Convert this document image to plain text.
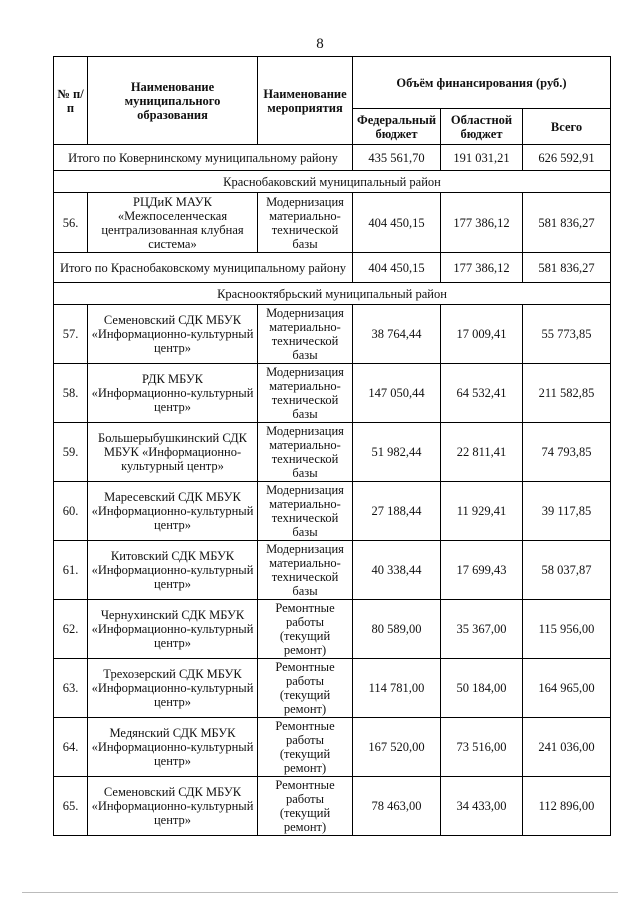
8
№ п/п	Наименование муниципального образования	Наименование мероприятия	Объём финансирования (руб.)		
			Федеральный бюджет	Областной бюджет	Всего
Итого по Ковернинскому муниципальному району			435 561,70	191 031,21	626 592,91
Краснобаковский муниципальный район					
56.	РЦДиК МАУК «Межпоселенческая централизованная клубная система»	Модернизация материально-технической базы	404 450,15	177 386,12	581 836,27
Итого по Краснобаковскому муниципальному району			404 450,15	177 386,12	581 836,27
Краснооктябрьский муниципальный район					
57.	Семеновский СДК МБУК «Информационно-культурный центр»	Модернизация материально-технической базы	38 764,44	17 009,41	55 773,85
58.	РДК МБУК «Информационно-культурный центр»	Модернизация материально-технической базы	147 050,44	64 532,41	211 582,85
59.	Большерыбушкинский СДК МБУК «Информационно-культурный центр»	Модернизация материально-технической базы	51 982,44	22 811,41	74 793,85
60.	Маресевский СДК МБУК «Информационно-культурный центр»	Модернизация материально-технической базы	27 188,44	11 929,41	39 117,85
61.	Китовский СДК МБУК «Информационно-культурный центр»	Модернизация материально-технической базы	40 338,44	17 699,43	58 037,87
62.	Чернухинский СДК МБУК «Информационно-культурный центр»	Ремонтные работы (текущий ремонт)	80 589,00	35 367,00	115 956,00
63.	Трехозерский СДК МБУК «Информационно-культурный центр»	Ремонтные работы (текущий ремонт)	114 781,00	50 184,00	164 965,00
64.	Медянский СДК МБУК «Информационно-культурный центр»	Ремонтные работы (текущий ремонт)	167 520,00	73 516,00	241 036,00
65.	Семеновский СДК МБУК «Информационно-культурный центр»	Ремонтные работы (текущий ремонт)	78 463,00	34 433,00	112 896,00
